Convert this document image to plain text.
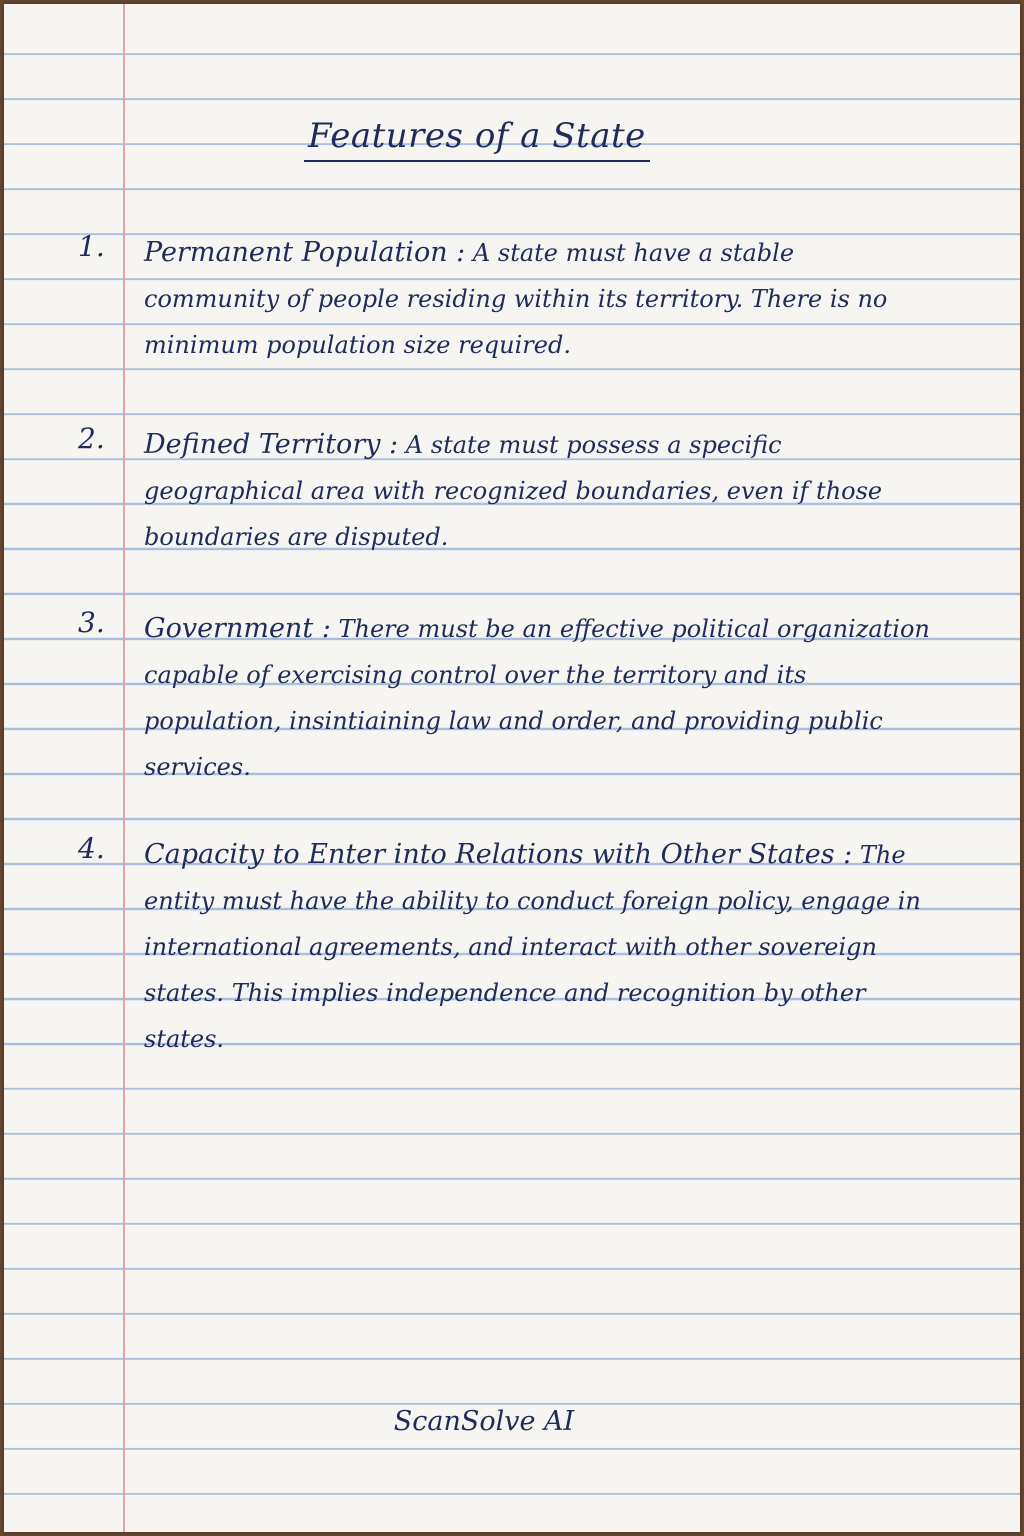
Features of a State
1. Permanent Population : A state must have a stable community of people residing within its territory. There is no minimum population size required.
2. Defined Territory : A state must possess a specific geographical area with recognized boundaries, even if those boundaries are disputed.
3. Government : There must be an effective political organization capable of exercising control over the territory and its population, insintiaining law and order, and providing public services.
4. Capacity to Enter into Relations with Other States : The entity must have the ability to conduct foreign policy, engage in international agreements, and interact with other sovereign states. This implies independence and recognition by other states.
ScanSolve AI
